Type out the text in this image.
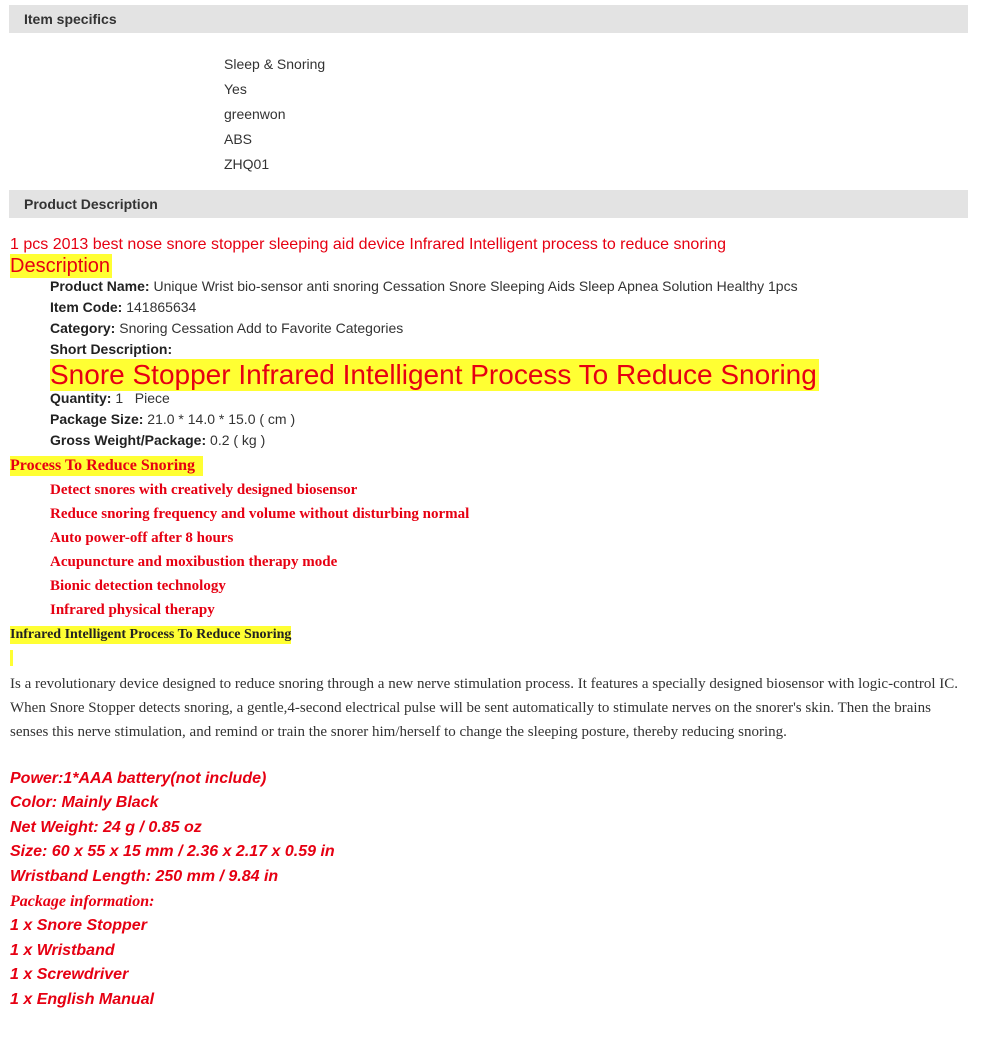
Item specifics
Sleep & Snoring
Yes
greenwon
ABS
ZHQ01
Product Description
1 pcs 2013 best nose snore stopper sleeping aid device Infrared Intelligent process to reduce snoring
Description
Product Name: Unique Wrist bio-sensor anti snoring Cessation Snore Sleeping Aids Sleep Apnea Solution Healthy 1pcs
Item Code: 141865634
Category: Snoring Cessation Add to Favorite Categories
Short Description:
Snore Stopper Infrared Intelligent Process To Reduce Snoring
Quantity: 1   Piece
Package Size: 21.0 * 14.0 * 15.0 ( cm )
Gross Weight/Package: 0.2 ( kg )
Process To Reduce Snoring
Detect snores with creatively designed biosensor
Reduce snoring frequency and volume without disturbing normal
Auto power-off after 8 hours
Acupuncture and moxibustion therapy mode
Bionic detection technology
Infrared physical therapy
Infrared Intelligent Process To Reduce Snoring
Is a revolutionary device designed to reduce snoring through a new nerve stimulation process. It features a specially designed biosensor with logic-control IC. When Snore Stopper detects snoring, a gentle,4-second electrical pulse will be sent automatically to stimulate nerves on the snorer's skin. Then the brains senses this nerve stimulation, and remind or train the snorer him/herself to change the sleeping posture, thereby reducing snoring.
Power:1*AAA battery(not include)
Color: Mainly Black
Net Weight: 24 g / 0.85 oz
Size: 60 x 55 x 15 mm / 2.36 x 2.17 x 0.59 in
Wristband Length: 250 mm / 9.84 in
Package information:
1 x Snore Stopper
1 x Wristband
1 x Screwdriver
1 x English Manual
